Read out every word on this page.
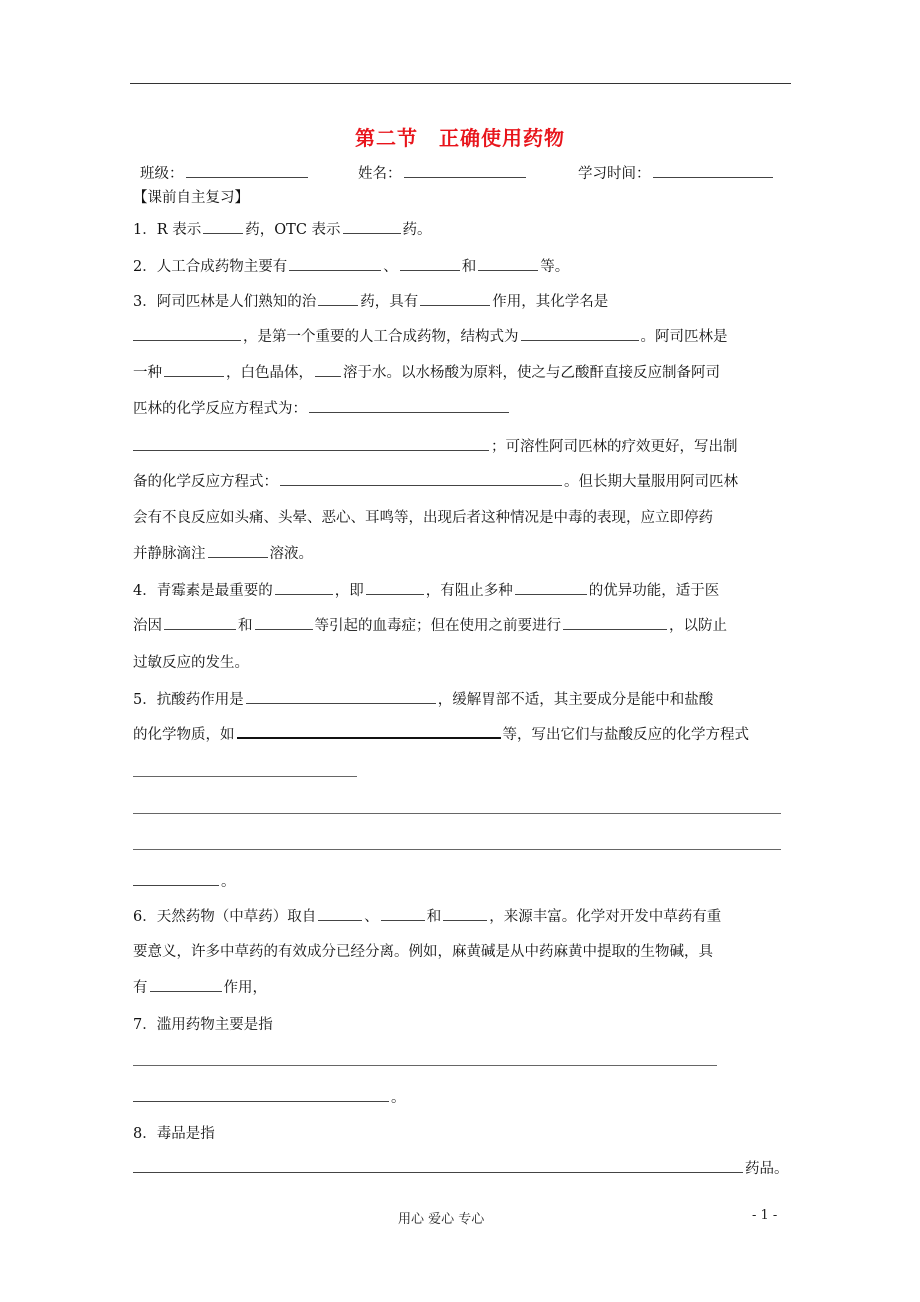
第二节　正确使用药物
班级：	姓名：	学习时间：
【课前自主复习】
1．R 表示	药，OTC 表示	药。
2．人工合成药物主要有	、	和	等。
3．阿司匹林是人们熟知的治	药，具有	作用，其化学名是
，是第一个重要的人工合成药物，结构式为	。阿司匹林是
一种	，白色晶体， 溶于水。以水杨酸为原料，使之与乙酸酐直接反应制备阿司
匹林的化学反应方程式为：
；可溶性阿司匹林的疗效更好，写出制
备的化学反应方程式：	。但长期大量服用阿司匹林
会有不良反应如头痛、头晕、恶心、耳鸣等，出现后者这种情况是中毒的表现，应立即停药
并静脉滴注	溶液。
4．青霉素是最重要的	，即	，有阻止多种	的优异功能，适于医
治因	和	等引起的血毒症；但在使用之前要进行	，以防止
过敏反应的发生。
5．抗酸药作用是	，缓解胃部不适，其主要成分是能中和盐酸
的化学物质，如	等，写出它们与盐酸反应的化学方程式
。
6．天然药物（中草药）取自	、	和	，来源丰富。化学对开发中草药有重
要意义，许多中草药的有效成分已经分离。例如，麻黄碱是从中药麻黄中提取的生物碱，具
有	作用，
7．滥用药物主要是指
。
8．毒品是指
药品。
用心 爱心 专心	- 1 -
